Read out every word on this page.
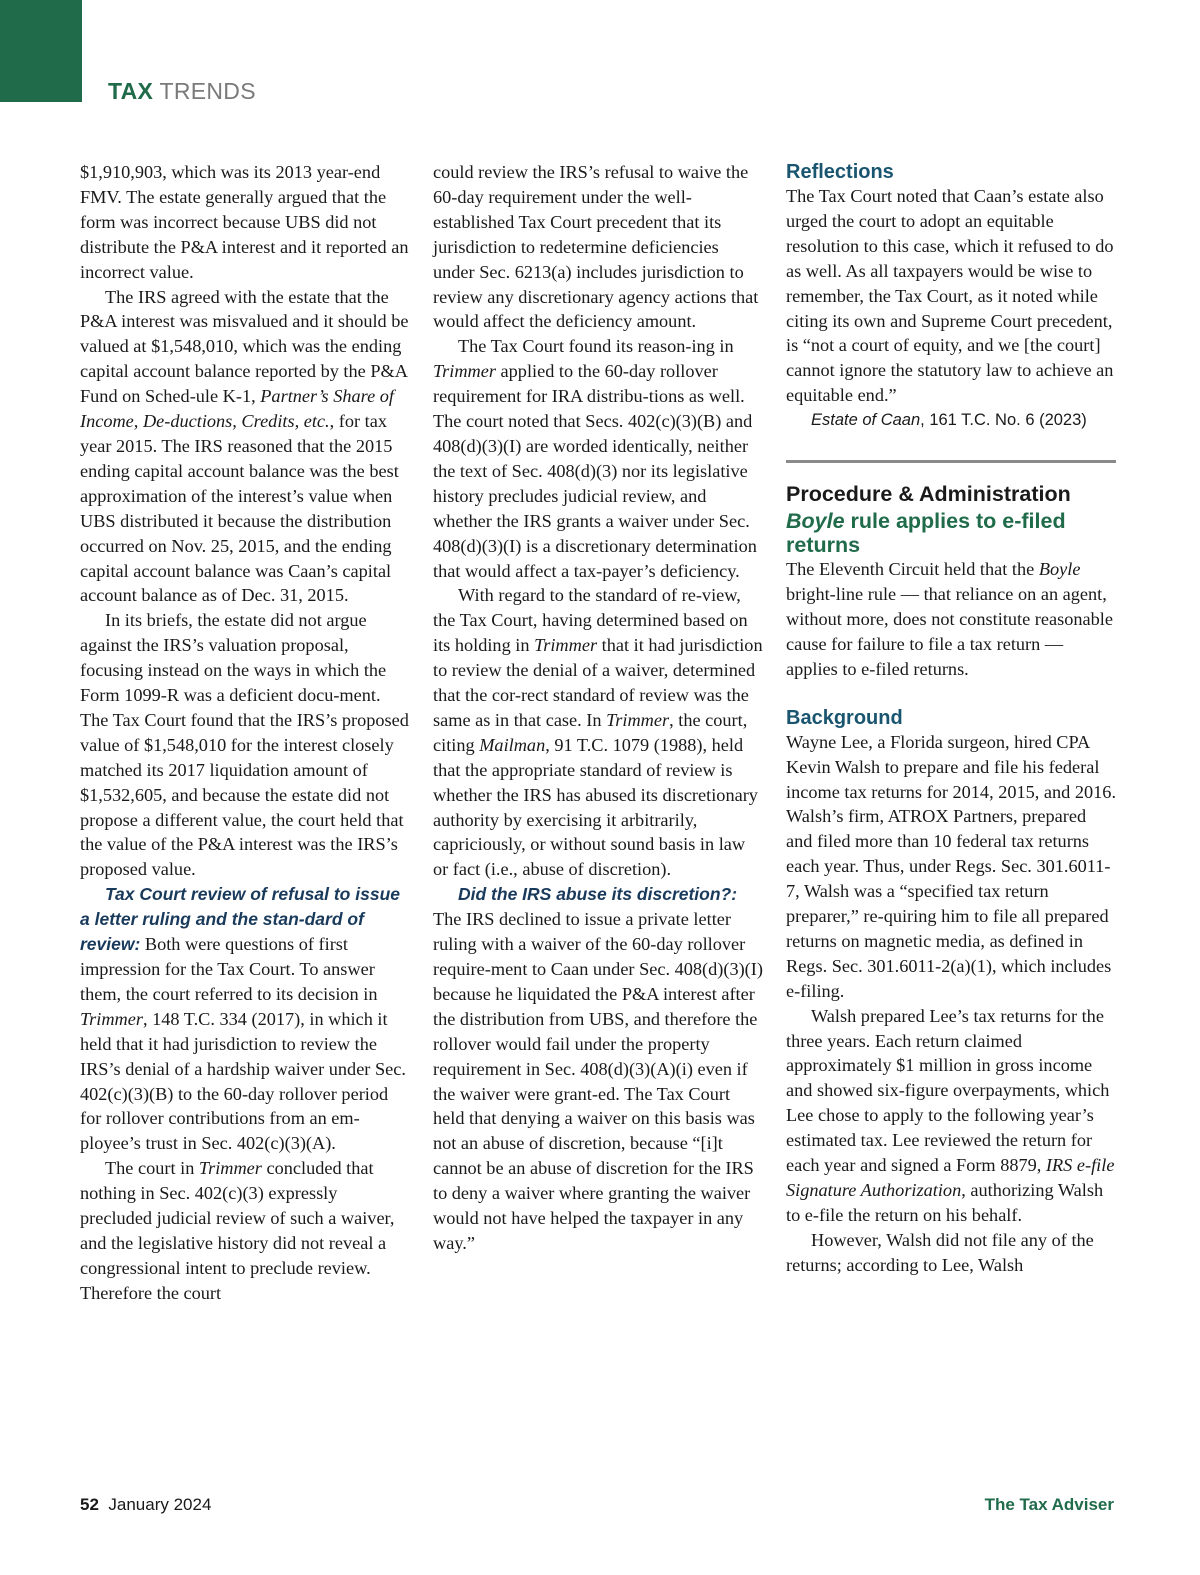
TAX TRENDS

$1,910,903, which was its 2013 year-end FMV. The estate generally argued that the form was incorrect because UBS did not distribute the P&A interest and it reported an incorrect value.

The IRS agreed with the estate that the P&A interest was misvalued and it should be valued at $1,548,010, which was the ending capital account balance reported by the P&A Fund on Sched-ule K-1, Partner’s Share of Income, De-ductions, Credits, etc., for tax year 2015. The IRS reasoned that the 2015 ending capital account balance was the best approximation of the interest’s value when UBS distributed it because the distribution occurred on Nov. 25, 2015, and the ending capital account balance was Caan’s capital account balance as of Dec. 31, 2015.

In its briefs, the estate did not argue against the IRS’s valuation proposal, focusing instead on the ways in which the Form 1099-R was a deficient docu-ment. The Tax Court found that the IRS’s proposed value of $1,548,010 for the interest closely matched its 2017 liquidation amount of $1,532,605, and because the estate did not propose a different value, the court held that the value of the P&A interest was the IRS’s proposed value.

Tax Court review of refusal to issue a letter ruling and the stan-dard of review: Both were questions of first impression for the Tax Court. To answer them, the court referred to its decision in Trimmer, 148 T.C. 334 (2017), in which it held that it had jurisdiction to review the IRS’s denial of a hardship waiver under Sec. 402(c)(3)(B) to the 60-day rollover period for rollover contributions from an em-ployee’s trust in Sec. 402(c)(3)(A).

The court in Trimmer concluded that nothing in Sec. 402(c)(3) expressly precluded judicial review of such a waiver, and the legislative history did not reveal a congressional intent to preclude review. Therefore the court

could review the IRS’s refusal to waive the 60-day requirement under the well-established Tax Court precedent that its jurisdiction to redetermine deficiencies under Sec. 6213(a) includes jurisdiction to review any discretionary agency actions that would affect the deficiency amount.

The Tax Court found its reason-ing in Trimmer applied to the 60-day rollover requirement for IRA distribu-tions as well. The court noted that Secs. 402(c)(3)(B) and 408(d)(3)(I) are worded identically, neither the text of Sec. 408(d)(3) nor its legislative history precludes judicial review, and whether the IRS grants a waiver under Sec. 408(d)(3)(I) is a discretionary determination that would affect a tax-payer’s deficiency.

With regard to the standard of re-view, the Tax Court, having determined based on its holding in Trimmer that it had jurisdiction to review the denial of a waiver, determined that the cor-rect standard of review was the same as in that case. In Trimmer, the court, citing Mailman, 91 T.C. 1079 (1988), held that the appropriate standard of review is whether the IRS has abused its discretionary authority by exercising it arbitrarily, capriciously, or without sound basis in law or fact (i.e., abuse of discretion).

Did the IRS abuse its discretion?: The IRS declined to issue a private letter ruling with a waiver of the 60-day rollover require-ment to Caan under Sec. 408(d)(3)(I) because he liquidated the P&A interest after the distribution from UBS, and therefore the rollover would fail under the property requirement in Sec. 408(d)(3)(A)(i) even if the waiver were grant-ed. The Tax Court held that denying a waiver on this basis was not an abuse of discretion, because “[i]t cannot be an abuse of discretion for the IRS to deny a waiver where granting the waiver would not have helped the taxpayer in any way.”

Reflections

The Tax Court noted that Caan’s estate also urged the court to adopt an equitable resolution to this case, which it refused to do as well. As all taxpayers would be wise to remember, the Tax Court, as it noted while citing its own and Supreme Court precedent, is “not a court of equity, and we [the court] cannot ignore the statutory law to achieve an equitable end.”

Estate of Caan, 161 T.C. No. 6 (2023)

Procedure & Administration

Boyle rule applies to e-filed returns

The Eleventh Circuit held that the Boyle bright-line rule — that reliance on an agent, without more, does not constitute reasonable cause for failure to file a tax return — applies to e-filed returns.

Background

Wayne Lee, a Florida surgeon, hired CPA Kevin Walsh to prepare and file his federal income tax returns for 2014, 2015, and 2016. Walsh’s firm, ATROX Partners, prepared and filed more than 10 federal tax returns each year. Thus, under Regs. Sec. 301.6011-7, Walsh was a “specified tax return preparer,” re-quiring him to file all prepared returns on magnetic media, as defined in Regs. Sec. 301.6011-2(a)(1), which includes e-filing.

Walsh prepared Lee’s tax returns for the three years. Each return claimed approximately $1 million in gross income and showed six-figure overpayments, which Lee chose to apply to the following year’s estimated tax. Lee reviewed the return for each year and signed a Form 8879, IRS e-file Signature Authorization, authorizing Walsh to e-file the return on his behalf.

However, Walsh did not file any of the returns; according to Lee, Walsh

52 January 2024	The Tax Adviser
